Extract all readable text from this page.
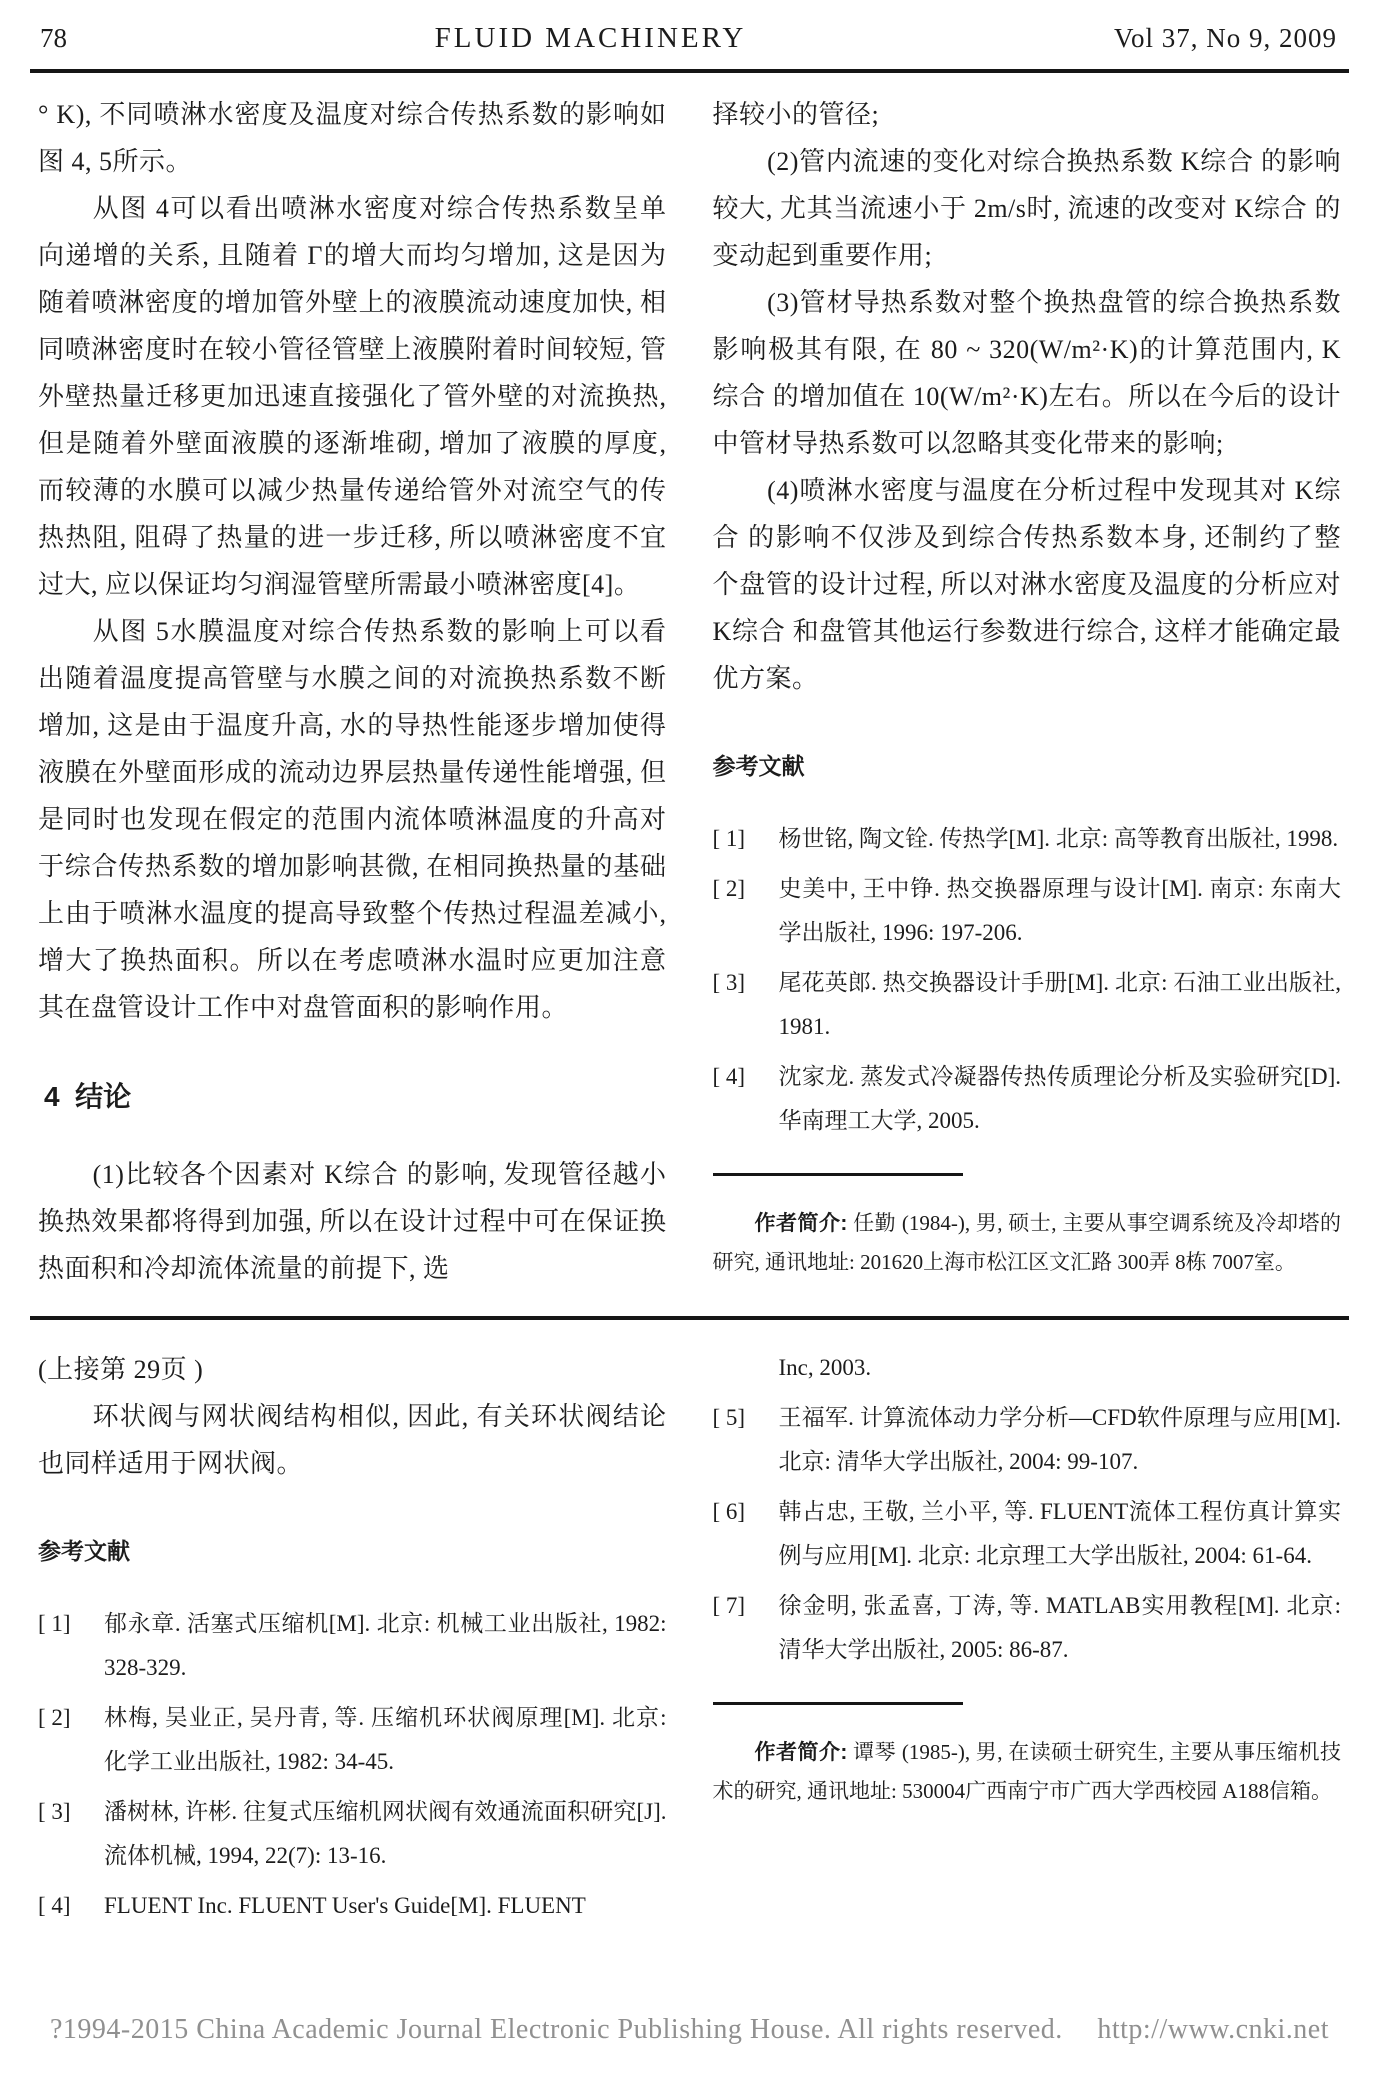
78	FLUID MACHINERY	Vol 37, No 9, 2009

° K), 不同喷淋水密度及温度对综合传热系数的影响如图 4, 5所示。

从图 4可以看出喷淋水密度对综合传热系数呈单向递增的关系, 且随着 Γ的增大而均匀增加, 这是因为随着喷淋密度的增加管外壁上的液膜流动速度加快, 相同喷淋密度时在较小管径管壁上液膜附着时间较短, 管外壁热量迁移更加迅速直接强化了管外壁的对流换热, 但是随着外壁面液膜的逐渐堆砌, 增加了液膜的厚度, 而较薄的水膜可以减少热量传递给管外对流空气的传热热阻, 阻碍了热量的进一步迁移, 所以喷淋密度不宜过大, 应以保证均匀润湿管壁所需最小喷淋密度[4]。

从图 5水膜温度对综合传热系数的影响上可以看出随着温度提高管壁与水膜之间的对流换热系数不断增加, 这是由于温度升高, 水的导热性能逐步增加使得液膜在外壁面形成的流动边界层热量传递性能增强, 但是同时也发现在假定的范围内流体喷淋温度的升高对于综合传热系数的增加影响甚微, 在相同换热量的基础上由于喷淋水温度的提高导致整个传热过程温差减小, 增大了换热面积。所以在考虑喷淋水温时应更加注意其在盘管设计工作中对盘管面积的影响作用。

4  结论

(1)比较各个因素对 K综合 的影响, 发现管径越小换热效果都将得到加强, 所以在设计过程中可在保证换热面积和冷却流体流量的前提下, 选

择较小的管径;

(2)管内流速的变化对综合换热系数 K综合 的影响较大, 尤其当流速小于 2m/s时, 流速的改变对 K综合 的变动起到重要作用;

(3)管材导热系数对整个换热盘管的综合换热系数影响极其有限, 在 80 ~ 320(W/m²·K)的计算范围内, K综合 的增加值在 10(W/m²·K)左右。所以在今后的设计中管材导热系数可以忽略其变化带来的影响;

(4)喷淋水密度与温度在分析过程中发现其对 K综合 的影响不仅涉及到综合传热系数本身, 还制约了整个盘管的设计过程, 所以对淋水密度及温度的分析应对 K综合 和盘管其他运行参数进行综合, 这样才能确定最优方案。

参考文献
[ 1] 杨世铭, 陶文铨. 传热学[M]. 北京: 高等教育出版社, 1998.
[ 2] 史美中, 王中铮. 热交换器原理与设计[M]. 南京: 东南大学出版社, 1996: 197-206.
[ 3] 尾花英郎. 热交换器设计手册[M]. 北京: 石油工业出版社, 1981.
[ 4] 沈家龙. 蒸发式冷凝器传热传质理论分析及实验研究[D]. 华南理工大学, 2005.

作者简介: 任勤 (1984-), 男, 硕士, 主要从事空调系统及冷却塔的研究, 通讯地址: 201620上海市松江区文汇路 300弄 8栋 7007室。

(上接第 29页 )

环状阀与网状阀结构相似, 因此, 有关环状阀结论也同样适用于网状阀。

参考文献
[ 1] 郁永章. 活塞式压缩机[M]. 北京: 机械工业出版社, 1982: 328-329.
[ 2] 林梅, 吴业正, 吴丹青, 等. 压缩机环状阀原理[M]. 北京: 化学工业出版社, 1982: 34-45.
[ 3] 潘树林, 许彬. 往复式压缩机网状阀有效通流面积研究[J]. 流体机械, 1994, 22(7): 13-16.
[ 4] FLUENT Inc. FLUENT User's Guide[M]. FLUENT

Inc, 2003.

[ 5] 王福军. 计算流体动力学分析—CFD软件原理与应用[M]. 北京: 清华大学出版社, 2004: 99-107.
[ 6] 韩占忠, 王敬, 兰小平, 等. FLUENT流体工程仿真计算实例与应用[M]. 北京: 北京理工大学出版社, 2004: 61-64.
[ 7] 徐金明, 张孟喜, 丁涛, 等. MATLAB实用教程[M]. 北京: 清华大学出版社, 2005: 86-87.

作者简介: 谭琴 (1985-), 男, 在读硕士研究生, 主要从事压缩机技术的研究, 通讯地址: 530004广西南宁市广西大学西校园 A188信箱。

?1994-2015 China Academic Journal Electronic Publishing House. All rights reserved. http://www.cnki.net
